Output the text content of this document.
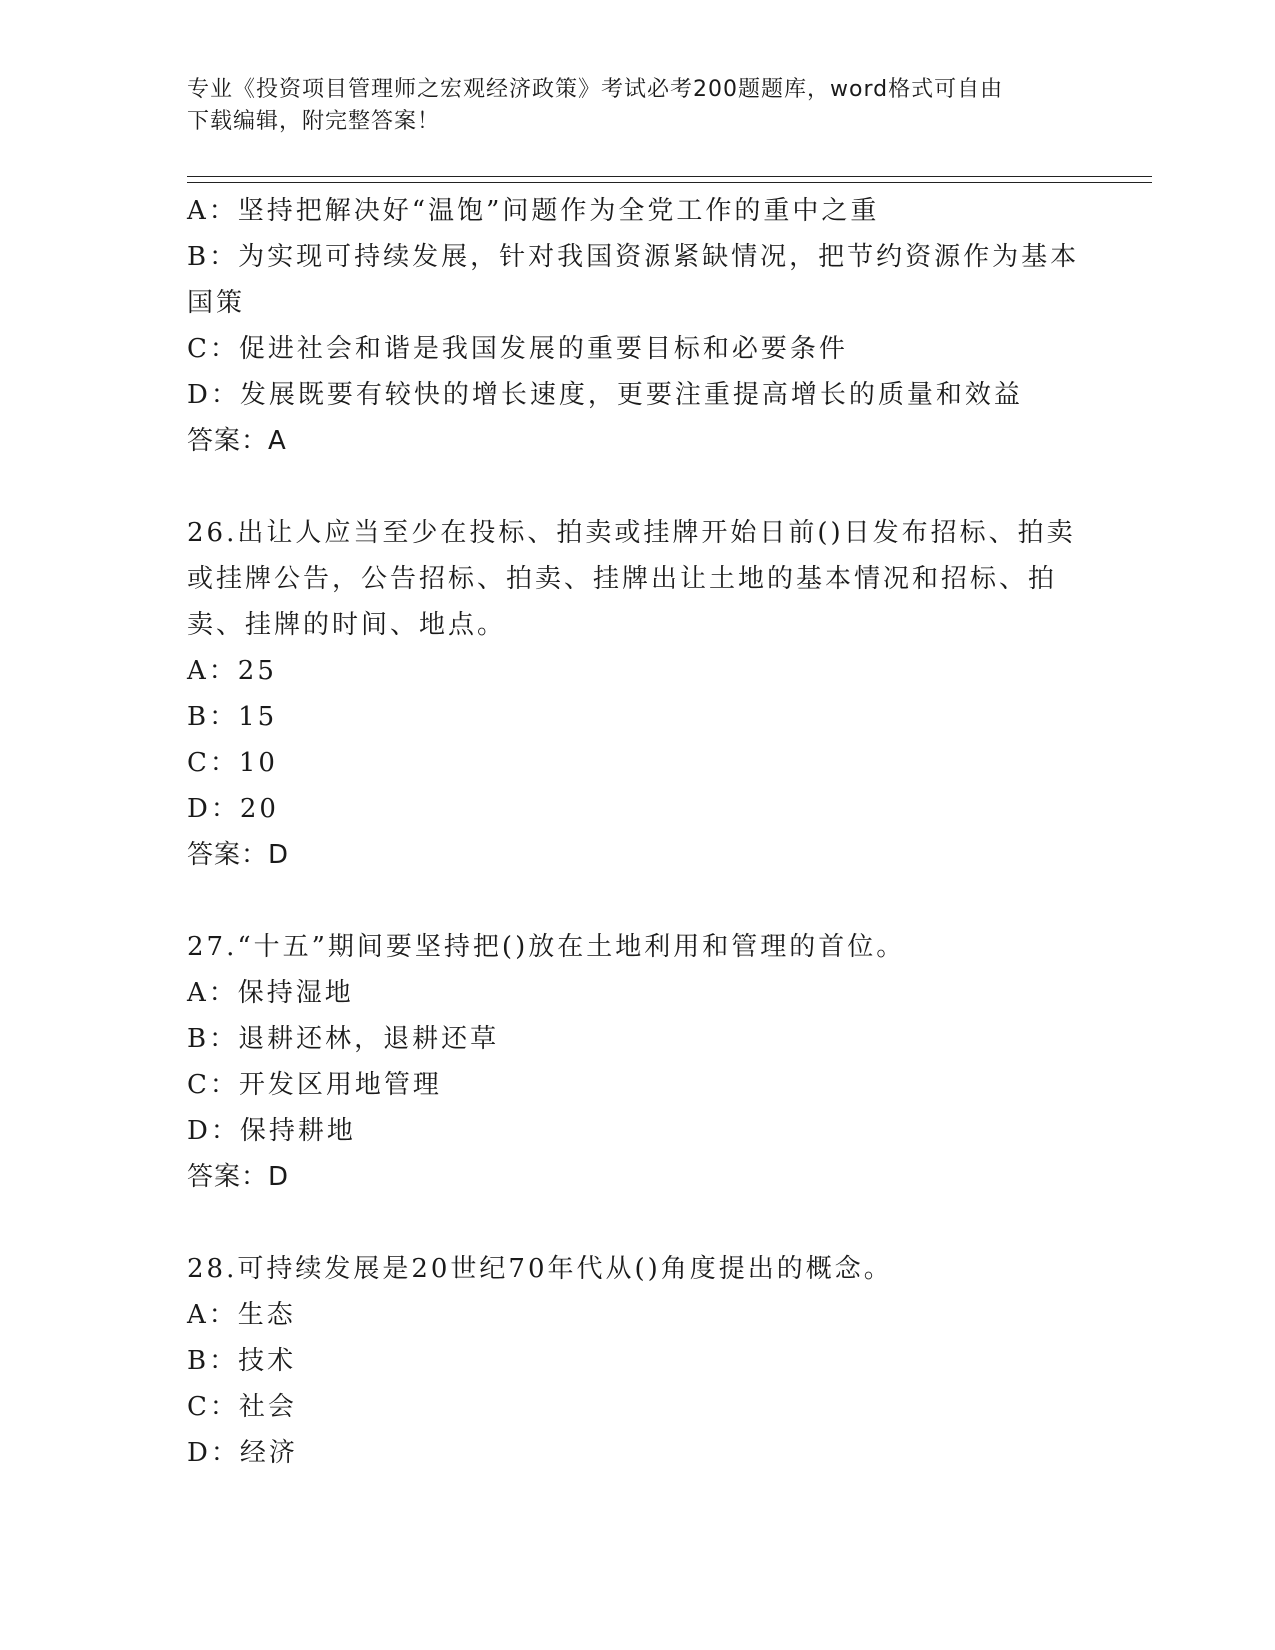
专业《投资项目管理师之宏观经济政策》考试必考200题题库，word格式可自由
下载编辑，附完整答案！
A：坚持把解决好“温饱”问题作为全党工作的重中之重
B：为实现可持续发展，针对我国资源紧缺情况，把节约资源作为基本
国策
C：促进社会和谐是我国发展的重要目标和必要条件
D：发展既要有较快的增长速度，更要注重提高增长的质量和效益
答案：A
26.出让人应当至少在投标、拍卖或挂牌开始日前()日发布招标、拍卖
或挂牌公告，公告招标、拍卖、挂牌出让土地的基本情况和招标、拍
卖、挂牌的时间、地点。
A：25
B：15
C：10
D：20
答案：D
27.“十五”期间要坚持把()放在土地利用和管理的首位。
A：保持湿地
B：退耕还林，退耕还草
C：开发区用地管理
D：保持耕地
答案：D
28.可持续发展是20世纪70年代从()角度提出的概念。
A：生态
B：技术
C：社会
D：经济
